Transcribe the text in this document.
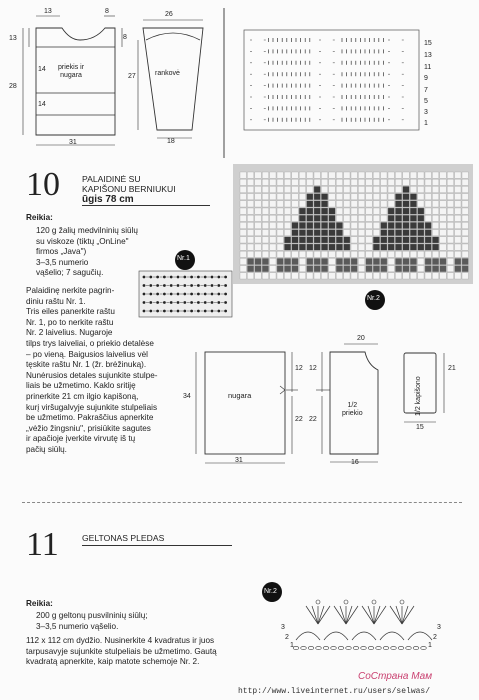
13	8
13
28
14
14
8
31
priekis ir
nugara
26
27
18
rankovė
15
13
11
9
7
5
3
1
10	PALAIDINĖ SU
KAPIŠONU BERNIUKUI
ūgis 78 cm
Reikia:
120 g žalių medvilninių siūlų
su viskoze (tiktų „OnLine"
firmos „Java")
3–3,5 numerio
vąšelio; 7 sagučių.
Palaidinę nerkite pagrin-
diniu raštu Nr. 1.
Tris eiles panerkite raštu
Nr. 1, po to nerkite raštu
Nr. 2 laivelius. Nugaroje
tilps trys laiveliai, o priekio detalėse
– po vieną. Baigusios laivelius vėl
tęskite raštu Nr. 1 (žr. brėžinuką).
Nunėrusios detales sujunkite stulpe-
liais be užmetimo. Kaklo sritiję
prinerkite 21 cm ilgio kapišoną,
kurį viršugalvyje sujunkite stulpeliais
be užmetimo. Pakraščius apnerkite
„vėžio žingsniu", prisiūkite sagutes
ir apačioje įverkite virvutę iš tų
pačių siūlų.
Nr.1
Nr.2
nugara
34
12
22
31
20
12
22
1/2
priekio
16
1/2 kapišono
21
15
11	GELTONAS PLEDAS
Reikia:
200 g geltonų pusvilninių siūlų;
3–3,5 numerio vąšelio.
112 x 112 cm dydžio. Nusinerkite 4 kvadratus ir juos
tarpusavyje sujunkite stulpeliais be užmetimo. Gautą
kvadratą apnerkite, kaip matote schemoje Nr. 2.
Nr.2
3
2
1
3
2
1
СоСтрана Мам
http://www.liveinternet.ru/users/selwas/
